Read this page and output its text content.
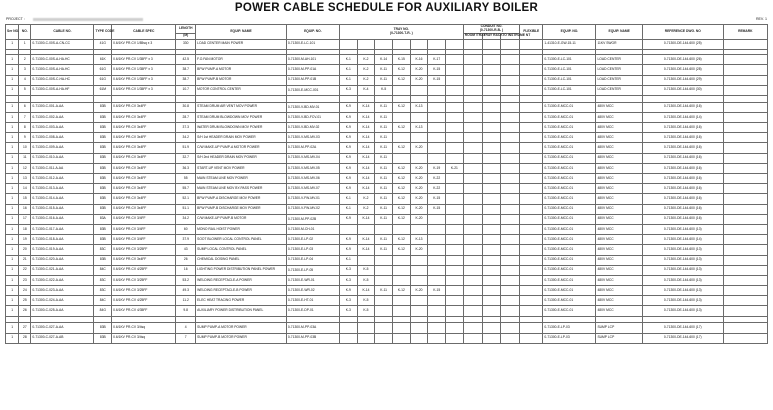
POWER CABLE SCHEDULE FOR AUXILIARY BOILER
PROJECT :	REV. 1
Ser NO.	NO.	CABLE NO.	TYPE CODE	CABLE SPEC	LENGTH	EQUIP. NAME	EQUIP. NO.	TRAY NO.
(0-71300-T-R- )							CONDUIT NO.
(0-71300-R-B- )			FLEXIBLE	EQUIP. NO.	EQUIP. NAME	REFERENCE DWG. NO	REMARK
															ROOM /TRAY	TRAY RACK	TO INSTRUME NT					
					(M)																	
1	1	0-71300-C-00S-A-CN-CC	41G	0.6/1KV PR-CV 1/85sq x 3	330	LOAD CENTER MAIN POWER	0-71300-E-LC-101												1-41310-E-GW-15-11	11KV SWGR	0-71300-DE-144-600 (25)	

1	2	0-71300-C-00S-A-HA-HC	61K	0.6/1KV PR-CV 1/35FF x 3	42.5	F.O.FAN MOTOR	0-71300-M-AH-101	K-1	K-2	K-14	K-15	K-16	K-17						0-71300-E-LC-101	LOAD CENTER	0-71300-DE-144-600 (26)	
1	3	0-71300-C-00S-A-HA-HC	61G	0.6/1KV PR-CV 1/35FF x 3	38.7	BFW PUMP-A MOTOR	0-71300-M-PP-01A	K-1	K-2	K-11	K-12	K-20	K-15						0-71300-E-LC-101	LOAD CENTER	0-71300-DE-144-600 (28)	
1	4	0-71300-C-00S-C-HA-HC	61G	0.6/1KV PR-CV 1/35FF x 3	38.7	BFW PUMP-B MOTOR	0-71300-M-PP-01B	K-1	K-2	K-11	K-12	K-20	K-15						0-71300-E-LC-101	LOAD CENTER	0-71300-DE-144-600 (29)	
1	5	0-71300-C-00S-A-HA-HF	61M	0.6/1KV PR-CV 1/35FF x 3	10.7	MOTOR CONTROL CENTER	0-71300-E-MCC-001	K-3	K-4	K-5									0-71300-E-LC-101	LOAD CENTER	0-71300-DE-144-600 (30)	

1	6	0-71300-C-001-A-AA	83B	0.6/1KV PR-CV 3x4FF	30.8	STEAM DRUM AIR VENT MOV POWER	0-71300-V-BD-MV-01	K-9	K-14	K-11	K-12	K-13							0-71300-E-MCC-01	480V MCC	0-71300-DE-144-600 (16)	
1	7	0-71300-C-002-A-AA	83B	0.6/1KV PR-CV 3x4FF	28.7	STEAM DRUM BLOWDOWN MOV POWER	0-71300-V-BD-FCV-01	K-9	K-14	K-11									0-71300-E-MCC-01	480V MCC	0-71300-DE-144-600 (14)	
1	8	0-71300-C-003-A-AA	83B	0.6/1KV PR-CV 3x4FF	37.3	WATER DRUM BLOWDOWN MOV POWER	0-71300-V-BD-MV-02	K-9	K-14	K-11	K-12	K-13							0-71300-E-MCC-01	480V MCC	0-71300-DE-144-600 (16)	
1	9	0-71300-C-008-A-AA	83B	0.6/1KV PR-CV 3x4FF	34.2	S/H 1st HEADER DRAIN MOV POWER	0-71300-V-MS-MV-03	K-9	K-14	K-11									0-71300-E-MCC-01	480V MCC	0-71300-DE-144-600 (16)	
1	10	0-71300-C-009-A-AA	83B	0.6/1KV PR-CV 3x4FF	51.9	C/W MAKE-UP PUMP-A MOTOR POWER	0-71300-M-PP-02A	K-9	K-14	K-11	K-12	K-20							0-71300-E-MCC-01	480V MCC	0-71300-DE-144-600 (16)	
1	11	0-71300-C-010-A-AA	83B	0.6/1KV PR-CV 3x4FF	32.7	S/H 2nd HEADER DRAIN MOV POWER	0-71300-V-MS-MV-04	K-9	K-14	K-11									0-71300-E-MCC-01	480V MCC	0-71300-DE-144-600 (16)	
1	12	0-71300-C-011-A-AA	83B	0.6/1KV PR-CV 3x4FF	36.3	START-UP VENT MOV POWER	0-71300-V-MS-MV-05	K-9	K-14	K-11	K-12	K-20	K-19	K-21					0-71300-E-MCC-01	480V MCC	0-71300-DE-144-600 (16)	
1	13	0-71300-C-012-A-AA	83B	0.6/1KV PR-CV 3x4FF	55	MAIN STEAM LINE MOV POWER	0-71300-V-MS-MV-06	K-9	K-14	K-11	K-12	K-20	K-22						0-71300-E-MCC-01	480V MCC	0-71300-DE-144-600 (16)	
1	14	0-71300-C-013-A-AA	83B	0.6/1KV PR-CV 3x4FF	55.7	MAIN STEAM LINE MOV BY-PASS POWER	0-71300-V-MS-MV-07	K-9	K-14	K-11	K-12	K-20	K-22						0-71300-E-MCC-01	480V MCC	0-71300-DE-144-600 (16)	
1	15	0-71300-C-014-A-AA	83B	0.6/1KV PR-CV 3x4FF	52.1	BFW PUMP-A DISCHARGE MOV POWER	0-71300-V-FW-MV-01	K-1	K-2	K-11	K-12	K-20	K-15						0-71300-E-MCC-01	480V MCC	0-71300-DE-144-600 (16)	
1	16	0-71300-C-015-A-AA	83B	0.6/1KV PR-CV 3x4FF	51.1	BFW PUMP-B DISCHARGE MOV POWER	0-71300-V-FW-MV-02	K-1	K-2	K-11	K-12	K-20	K-15						0-71300-E-MCC-01	480V MCC	0-71300-DE-144-600 (16)	
1	17	0-71300-C-016-A-AA	83A	0.6/1KV PR-CV 3/4FF	34.2	C/W MAKE-UP PUMP-B MOTOR	0-71300-M-PP-02B	K-9	K-14	K-11	K-12	K-20							0-71300-E-MCC-01	480V MCC	0-71300-DE-144-600 (16)	
1	18	0-71300-C-017-A-AA	83B	0.6/1KV PR-CV 3/4FF	60	MONO RAIL HOIST POWER	0-71300-M-CH-01												0-71300-E-MCC-01	480V MCC	0-71300-DE-144-600 (13)	
1	19	0-71300-C-018-A-AA	83B	0.6/1KV PR-CV 3/4FF	37.9	SOOT BLOWER LOCAL CONTROL PANEL	0-71300-E-LP-02	K-9	K-14	K-11	K-12	K-13							0-71300-E-MCC-01	480V MCC	0-71300-DE-144-600 (14)	
1	20	0-71300-C-019-A-AA	83C	0.6/1KV PR-CV 3/25FF	43	SUMP LOCAL CONTROL PANEL	0-71300-E-LP-03	K-9	K-14	K-11	K-12	K-20							0-71300-E-MCC-01	480V MCC	0-71300-DE-144-600 (13)	
1	21	0-71300-C-020-A-AA	83B	0.6/1KV PR-CV 3x4FF	26	CHEMICAL DOSING PANEL	0-71300-E-LP-04	K-1											0-71300-E-MCC-01	480V MCC	0-71300-DE-144-600 (13)	
1	22	0-71300-C-021-A-AA	84C	0.6/1KV PR-CV 4/25FF	16	LIGHTING POWER DISTRIBUTION PANEL POWER	0-71300-E-LP-05	K-3	K-5										0-71300-E-MCC-01	480V MCC	0-71300-DE-144-600 (13)	
1	23	0-71300-C-022-A-AA	83C	0.6/1KV PR-CV 3/25FF	53.2	WELDING RECEPTACLE-A POWER	0-71300-E-WR-01	K-3	K-5										0-71300-E-MCC-01	480V MCC	0-71300-DE-144-600 (13)	
1	24	0-71300-C-023-A-AA	83C	0.6/1KV PR-CV 3/25FF	49.3	WELDING RECEPTACLE-B POWER	0-71300-E-WR-02	K-9	K-14	K-11	K-12	K-20	K-15						0-71300-E-MCC-01	480V MCC	0-71300-DE-144-600 (13)	
1	25	0-71300-C-024-A-AA	84C	0.6/1KV PR-CV 4/25FF	11.2	ELEC HEAT TRACING POWER	0-71300-E-HT-01	K-3	K-5										0-71300-E-MCC-01	480V MCC	0-71300-DE-144-600 (13)	
1	26	0-71300-C-025-A-AA	84G	0.6/1KV PR-CV 4/35FF	9.8	AUXILIARY POWER DISTRIBUTION PANEL	0-71300-E-DP-01	K-3	K-5										0-71300-E-MCC-01	480V MCC	0-71300-DE-144-600 (13)	

1	27	0-71300-C-027-A-AA	83B	0.6/1KV PR-CV 3/4sq	4	SUMP PUMP-A MOTOR POWER	0-71300-M-PP-03A												0-71300-E-LP-03	SUMP LCP	0-71300-DE-144-600 (17)	
1	28	0-71300-C-027-A-AB	83B	0.6/1KV PR-CV 3/4sq	7	SUMP PUMP-B MOTOR POWER	0-71300-M-PP-03B												0-71300-E-LP-03	SUMP LCP	0-71300-DE-144-600 (17)	
